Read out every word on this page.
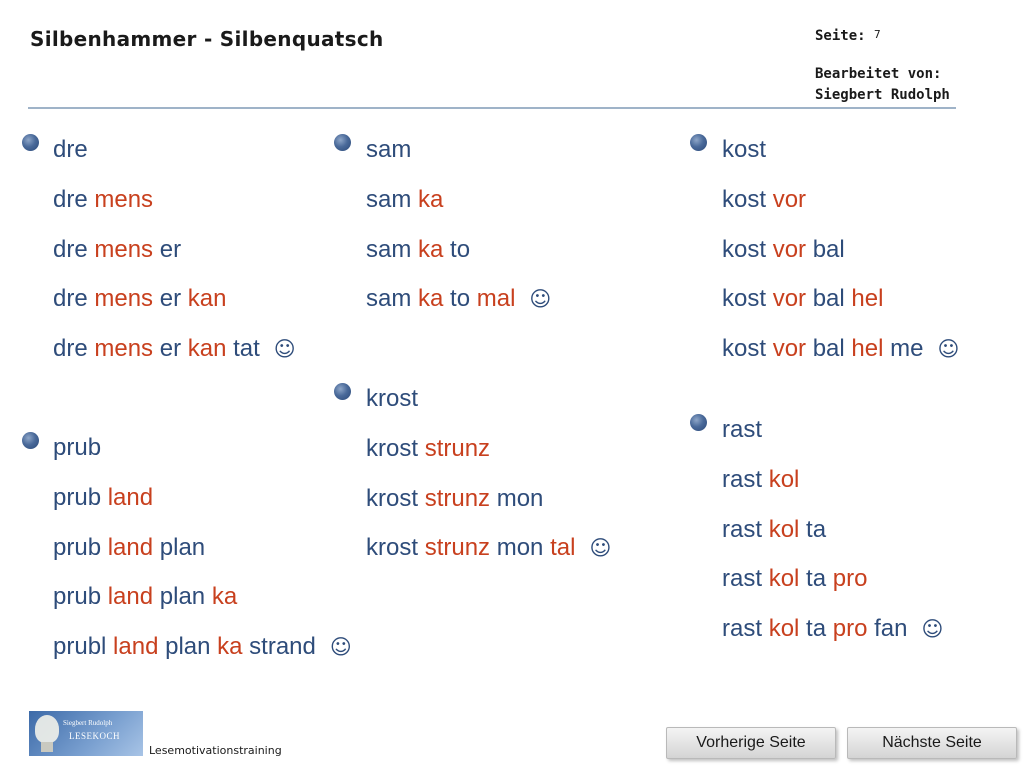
Silbenhammer - Silbenquatsch	Seite: 7
Bearbeitet von:
Siegbert Rudolph
dre
dre mens
dre mens er
dre mens er kan
dre mens er kan tat ☺
prub
prub land
prub land plan
prub land plan ka
prubl land plan ka strand ☺
sam
sam ka
sam ka to
sam ka to mal ☺
krost
krost strunz
krost strunz mon
krost strunz mon tal ☺
kost
kost vor
kost vor bal
kost vor bal hel
kost vor bal hel me ☺
rast
rast kol
rast kol ta
rast kol ta pro
rast kol ta pro fan ☺
Siegbert Rudolph
LESEKOCH
Lesemotivationstraining	Vorherige Seite	Nächste Seite
